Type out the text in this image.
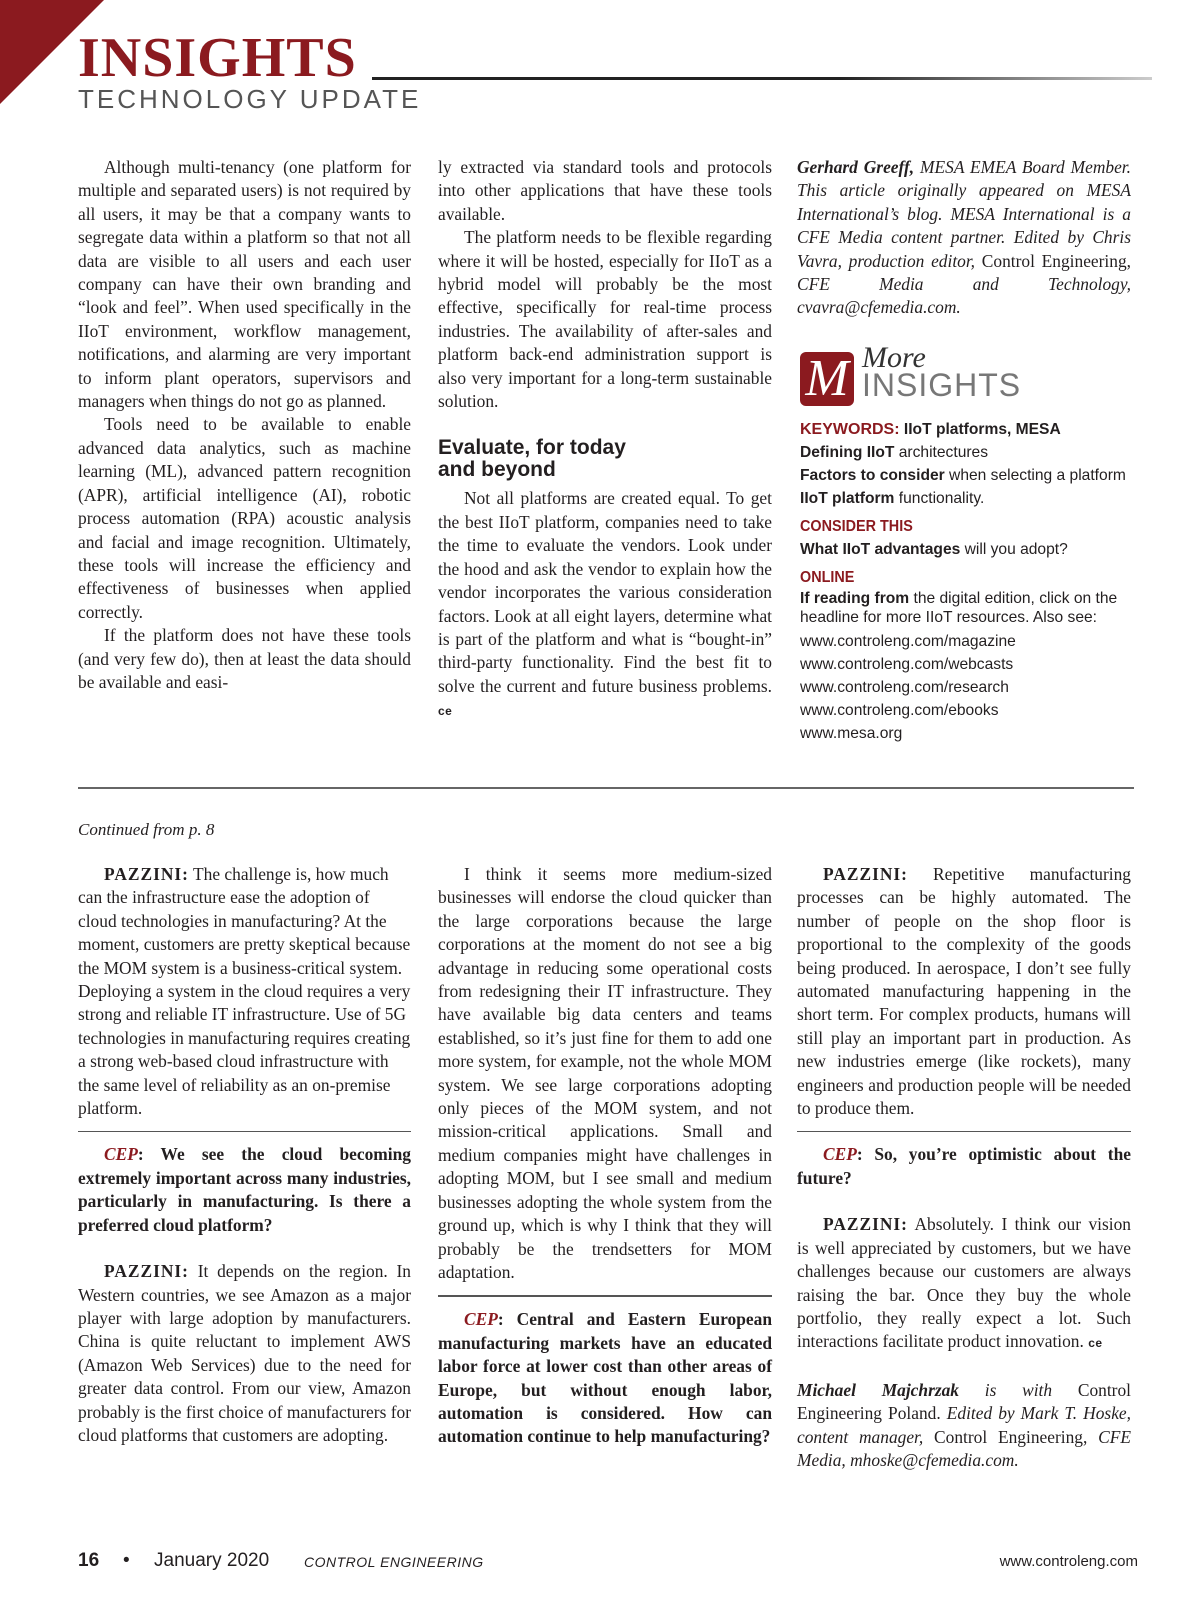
INSIGHTS
TECHNOLOGY UPDATE

Although multi-tenancy (one platform for multiple and separated users) is not required by all users, it may be that a company wants to segregate data within a platform so that not all data are visible to all users and each user company can have their own branding and “look and feel”. When used specifically in the IIoT environment, workflow management, notifications, and alarming are very important to inform plant operators, supervisors and managers when things do not go as planned.

Tools need to be available to enable advanced data analytics, such as machine learning (ML), advanced pattern recognition (APR), artificial intelligence (AI), robotic process automation (RPA) acoustic analysis and facial and image recognition. Ultimately, these tools will increase the efficiency and effectiveness of businesses when applied correctly.

If the platform does not have these tools (and very few do), then at least the data should be available and easi-

ly extracted via standard tools and protocols into other applications that have these tools available.

The platform needs to be flexible regarding where it will be hosted, especially for IIoT as a hybrid model will probably be the most effective, specifically for real-time process industries. The availability of after-sales and platform back-end administration support is also very important for a long-term sustainable solution.

Evaluate, for today
and beyond

Not all platforms are created equal. To get the best IIoT platform, companies need to take the time to evaluate the vendors. Look under the hood and ask the vendor to explain how the vendor incorporates the various consideration factors. Look at all eight layers, determine what is part of the platform and what is “bought-in” third-party functionality. Find the best fit to solve the current and future business problems. ce

Gerhard Greeff, MESA EMEA Board Member. This article originally appeared on MESA International’s blog. MESA International is a CFE Media content partner. Edited by Chris Vavra, production editor, Control Engineering, CFE Media and Technology, cvavra@cfemedia.com.

M More
INSIGHTS
KEYWORDS: IIoT platforms, MESA
Defining IIoT architectures
Factors to consider when selecting a platform
IIoT platform functionality.
CONSIDER THIS
What IIoT advantages will you adopt?
ONLINE
If reading from the digital edition, click on the headline for more IIoT resources. Also see:
www.controleng.com/magazine
www.controleng.com/webcasts
www.controleng.com/research
www.controleng.com/ebooks
www.mesa.org
Continued from p. 8

PAZZINI: The challenge is, how much can the infrastructure ease the adoption of cloud technologies in manufacturing? At the moment, customers are pretty skeptical because the MOM system is a business-critical system. Deploying a system in the cloud requires a very strong and reliable IT infrastructure. Use of 5G technologies in manufacturing requires creating a strong web-based cloud infrastructure with the same level of reliability as an on-premise platform.

CEP: We see the cloud becoming extremely important across many industries, particularly in manufacturing. Is there a preferred cloud platform?

PAZZINI: It depends on the region. In Western countries, we see Amazon as a major player with large adoption by manufacturers. China is quite reluctant to implement AWS (Amazon Web Services) due to the need for greater data control. From our view, Amazon probably is the first choice of manufacturers for cloud platforms that customers are adopting.

I think it seems more medium-sized businesses will endorse the cloud quicker than the large corporations because the large corporations at the moment do not see a big advantage in reducing some operational costs from redesigning their IT infrastructure. They have available big data centers and teams established, so it’s just fine for them to add one more system, for example, not the whole MOM system. We see large corporations adopting only pieces of the MOM system, and not mission-critical applications. Small and medium companies might have challenges in adopting MOM, but I see small and medium businesses adopting the whole system from the ground up, which is why I think that they will probably be the trendsetters for MOM adaptation.

CEP: Central and Eastern European manufacturing markets have an educated labor force at lower cost than other areas of Europe, but without enough labor, automation is considered. How can automation continue to help manufacturing?

PAZZINI: Repetitive manufacturing processes can be highly automated. The number of people on the shop floor is proportional to the complexity of the goods being produced. In aerospace, I don’t see fully automated manufacturing happening in the short term. For complex products, humans will still play an important part in production. As new industries emerge (like rockets), many engineers and production people will be needed to produce them.

CEP: So, you’re optimistic about the future?

PAZZINI: Absolutely. I think our vision is well appreciated by customers, but we have challenges because our customers are always raising the bar. Once they buy the whole portfolio, they really expect a lot. Such interactions facilitate product innovation. ce

Michael Majchrzak is with Control Engineering Poland. Edited by Mark T. Hoske, content manager, Control Engineering, CFE Media, mhoske@cfemedia.com.

16 • January 2020 CONTROL ENGINEERING	www.controleng.com
